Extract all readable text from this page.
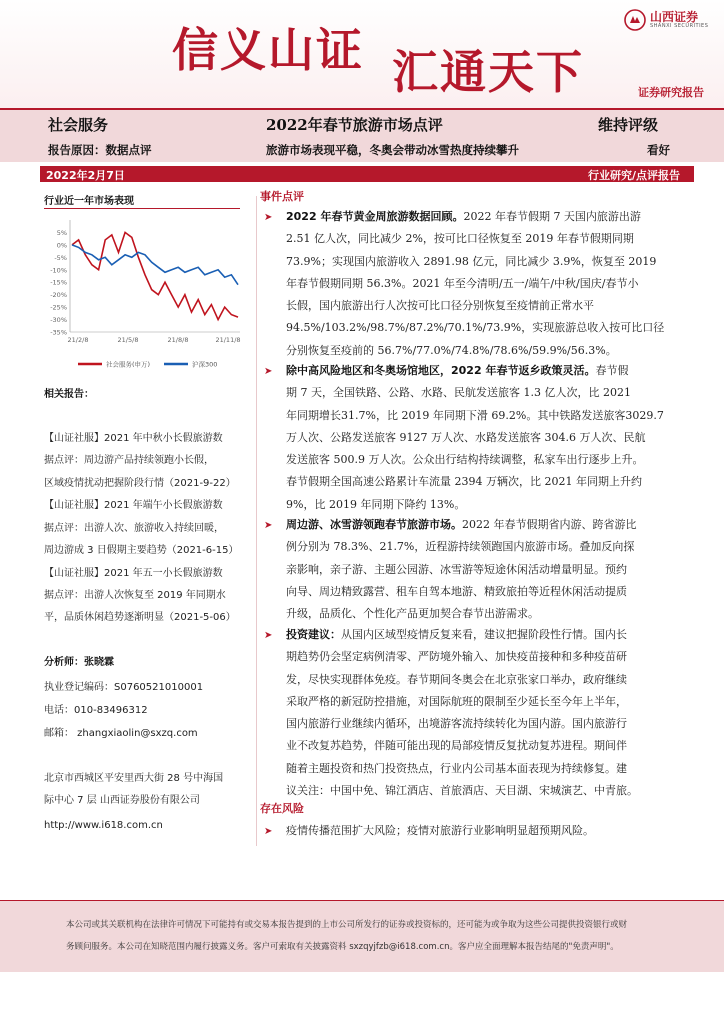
信义山证 汇通天下
山西证券
SHANXI SECURITIES
证券研究报告
社会服务	2022年春节旅游市场点评	维持评级
报告原因：数据点评	旅游市场表现平稳，冬奥会带动冰雪热度持续攀升	看好
2022年2月7日	行业研究/点评报告
行业近一年市场表现
5%
0%
-5%
-10%
-15%
-20%
-25%
-30%
-35%
21/2/8	21/5/8	21/8/8	21/11/8
社会服务(申万)	沪深300
相关报告：
【山证社服】2021 年中秋小长假旅游数
据点评：周边游产品持续领跑小长假，
区域疫情扰动把握阶段行情（2021-9-22）
【山证社服】2021 年端午小长假旅游数
据点评：出游人次、旅游收入持续回暖，
周边游成 3 日假期主要趋势（2021-6-15）
【山证社服】2021 年五一小长假旅游数
据点评：出游人次恢复至 2019 年同期水
平，品质休闲趋势逐渐明显（2021-5-06）
分析师：张晓霖
执业登记编码：S0760521010001
电话：010-83496312
邮箱： zhangxiaolin@sxzq.com
北京市西城区平安里西大街 28 号中海国
际中心 7 层 山西证券股份有限公司
http://www.i618.com.cn
事件点评
➤ 2022 年春节黄金周旅游数据回顾。2022 年春节假期 7 天国内旅游出游
2.51 亿人次，同比减少 2%，按可比口径恢复至 2019 年春节假期同期
73.9%；实现国内旅游收入 2891.98 亿元，同比减少 3.9%，恢复至 2019
年春节假期同期 56.3%。2021 年至今清明/五一/端午/中秋/国庆/春节小
长假，国内旅游出行人次按可比口径分别恢复至疫情前正常水平
94.5%/103.2%/98.7%/87.2%/70.1%/73.9%，实现旅游总收入按可比口径
分别恢复至疫前的 56.7%/77.0%/74.8%/78.6%/59.9%/56.3%。
➤ 除中高风险地区和冬奥场馆地区，2022 年春节返乡政策灵活。春节假
期 7 天，全国铁路、公路、水路、民航发送旅客 1.3 亿人次，比 2021
年同期增长31.7%，比 2019 年同期下滑 69.2%。其中铁路发送旅客3029.7
万人次、公路发送旅客 9127 万人次、水路发送旅客 304.6 万人次、民航
发送旅客 500.9 万人次。公众出行结构持续调整，私家车出行逐步上升。
春节假期全国高速公路累计车流量 2394 万辆次，比 2021 年同期上升约
9%，比 2019 年同期下降约 13%。
➤ 周边游、冰雪游领跑春节旅游市场。2022 年春节假期省内游、跨省游比
例分别为 78.3%、21.7%，近程游持续领跑国内旅游市场。叠加反向探
亲影响，亲子游、主题公园游、冰雪游等短途休闲活动增量明显。预约
向导、周边精致露营、租车自驾本地游、精致旅拍等近程休闲活动提质
升级，品质化、个性化产品更加契合春节出游需求。
➤ 投资建议：从国内区域型疫情反复来看，建议把握阶段性行情。国内长
期趋势仍会坚定病例清零、严防境外输入、加快疫苗接种和多种疫苗研
发，尽快实现群体免疫。春节期间冬奥会在北京张家口举办，政府继续
采取严格的新冠防控措施，对国际航班的限制至少延长至今年上半年，
国内旅游行业继续内循环，出境游客流持续转化为国内游。国内旅游行
业不改复苏趋势，伴随可能出现的局部疫情反复扰动复苏进程。期间伴
随着主题投资和热门投资热点，行业内公司基本面表现为持续修复。建
议关注：中国中免、锦江酒店、首旅酒店、天目湖、宋城演艺、中青旅。
存在风险
➤ 疫情传播范围扩大风险；疫情对旅游行业影响明显超预期风险。
本公司或其关联机构在法律许可情况下可能持有或交易本报告提到的上市公司所发行的证券或投资标的，还可能为或争取为这些公司提供投资银行或财
务顾问服务。本公司在知晓范围内履行披露义务。客户可索取有关披露资料 sxzqyjfzb@i618.com.cn。客户应全面理解本报告结尾的"免责声明"。
